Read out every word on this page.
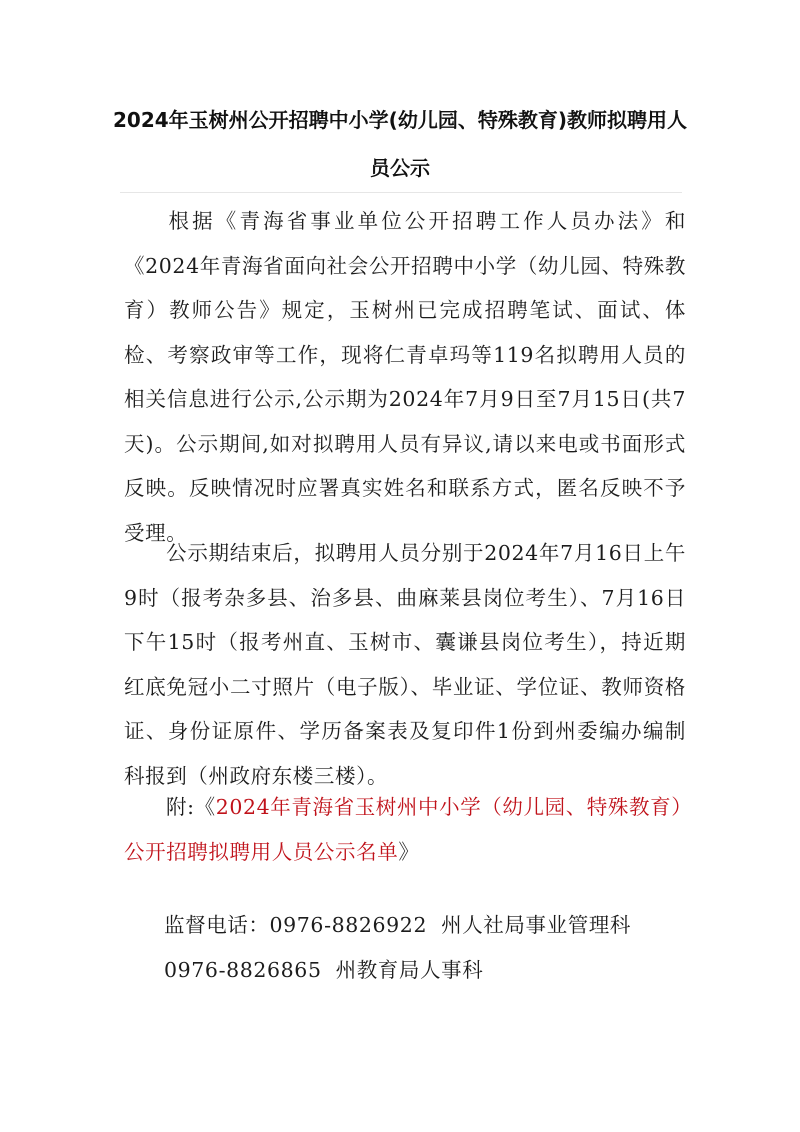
2024年玉树州公开招聘中小学(幼儿园、特殊教育)教师拟聘用人员公示
根据《青海省事业单位公开招聘工作人员办法》和《2024年青海省面向社会公开招聘中小学（幼儿园、特殊教育）教师公告》规定，玉树州已完成招聘笔试、面试、体检、考察政审等工作，现将仁青卓玛等119名拟聘用人员的相关信息进行公示,公示期为2024年7月9日至7月15日(共7天)。公示期间,如对拟聘用人员有异议,请以来电或书面形式反映。反映情况时应署真实姓名和联系方式，匿名反映不予受理。
公示期结束后，拟聘用人员分别于2024年7月16日上午9时（报考杂多县、治多县、曲麻莱县岗位考生）、7月16日下午15时（报考州直、玉树市、囊谦县岗位考生），持近期红底免冠小二寸照片（电子版）、毕业证、学位证、教师资格证、身份证原件、学历备案表及复印件1份到州委编办编制科报到（州政府东楼三楼）。
附:《2024年青海省玉树州中小学（幼儿园、特殊教育）公开招聘拟聘用人员公示名单》
监督电话：0976-8826922 州人社局事业管理科
0976-8826865 州教育局人事科
